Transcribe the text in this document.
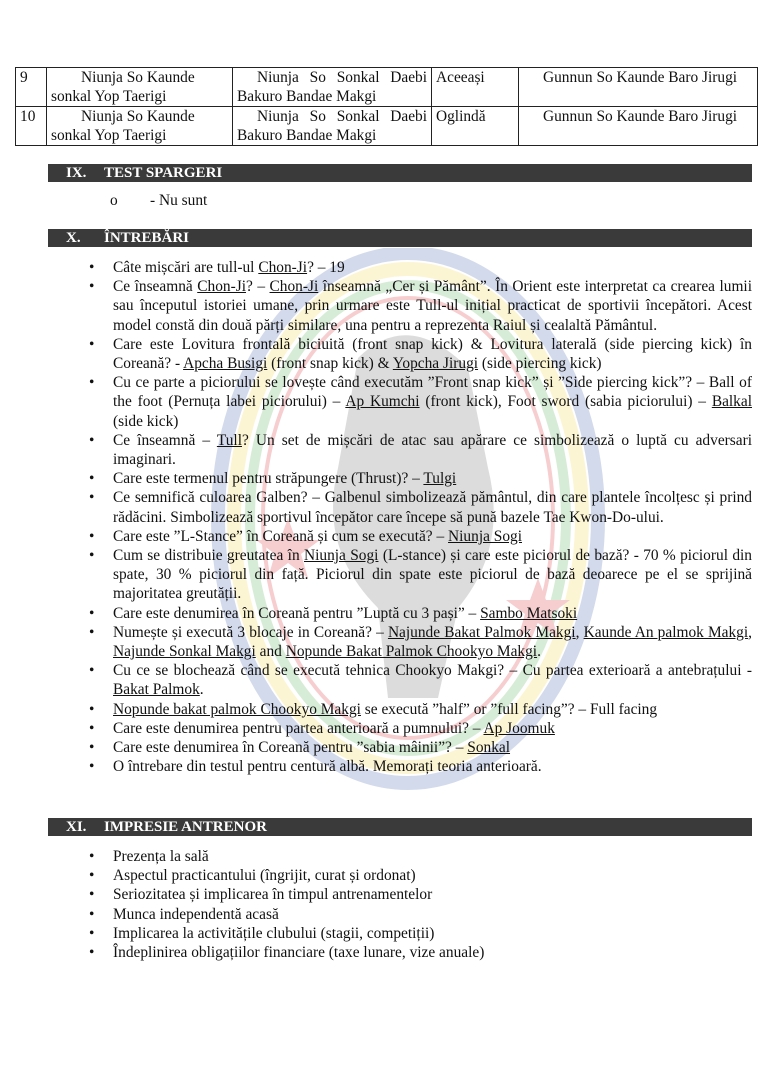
9	Niunja So Kaunde sonkal Yop Taerigi	Niunja So Sonkal Daebi Bakuro Bandae Makgi	Aceeași	Gunnun So Kaunde Baro Jirugi
10	Niunja So Kaunde sonkal Yop Taerigi	Niunja So Sonkal Daebi Bakuro Bandae Makgi	Oglindă	Gunnun So Kaunde Baro Jirugi
IX. TEST SPARGERI
o - Nu sunt
X. ÎNTREBĂRI
• Câte mișcări are tull-ul Chon-Ji? – 19
• Ce înseamnă Chon-Ji? – Chon-Ji înseamnă „Cer și Pământ”. În Orient este interpretat ca crearea lumii sau începutul istoriei umane, prin urmare este Tull-ul inițial practicat de sportivii începători. Acest model constă din două părți similare, una pentru a reprezenta Raiul și cealaltă Pământul.
• Care este Lovitura frontală biciuită (front snap kick) & Lovitura laterală (side piercing kick) în Coreană? - Apcha Busigi (front snap kick) & Yopcha Jirugi (side piercing kick)
• Cu ce parte a piciorului se lovește când executăm ”Front snap kick” și ”Side piercing kick”? – Ball of the foot (Pernuța labei piciorului) – Ap Kumchi (front kick), Foot sword (sabia piciorului) – Balkal (side kick)
• Ce înseamnă – Tull? Un set de mișcări de atac sau apărare ce simbolizează o luptă cu adversari imaginari.
• Care este termenul pentru străpungere (Thrust)? – Tulgi
• Ce semnifică culoarea Galben? – Galbenul simbolizează pământul, din care plantele încolțesc și prind rădăcini. Simbolizează sportivul începător care începe să pună bazele Tae Kwon-Do-ului.
• Care este ”L-Stance” în Coreană și cum se execută? – Niunja Sogi
• Cum se distribuie greutatea în Niunja Sogi (L-stance) și care este piciorul de bază? - 70 % piciorul din spate, 30 % piciorul din față. Piciorul din spate este piciorul de bază deoarece pe el se sprijină majoritatea greutății.
• Care este denumirea în Coreană pentru ”Luptă cu 3 pași” – Sambo Matsoki
• Numește și execută 3 blocaje in Coreană? – Najunde Bakat Palmok Makgi, Kaunde An palmok Makgi, Najunde Sonkal Makgi and Nopunde Bakat Palmok Chookyo Makgi.
• Cu ce se blochează când se execută tehnica Chookyo Makgi? – Cu partea exterioară a antebrațului - Bakat Palmok.
• Nopunde bakat palmok Chookyo Makgi se execută ”half” or ”full facing”? – Full facing
• Care este denumirea pentru partea anterioară a pumnului? – Ap Joomuk
• Care este denumirea în Coreană pentru ”sabia mâinii”? – Sonkal
• O întrebare din testul pentru centură albă. Memorați teoria anterioară.
XI. IMPRESIE ANTRENOR
• Prezența la sală
• Aspectul practicantului (îngrijit, curat și ordonat)
• Seriozitatea și implicarea în timpul antrenamentelor
• Munca independentă acasă
• Implicarea la activitățile clubului (stagii, competiții)
• Îndeplinirea obligațiilor financiare (taxe lunare, vize anuale)
